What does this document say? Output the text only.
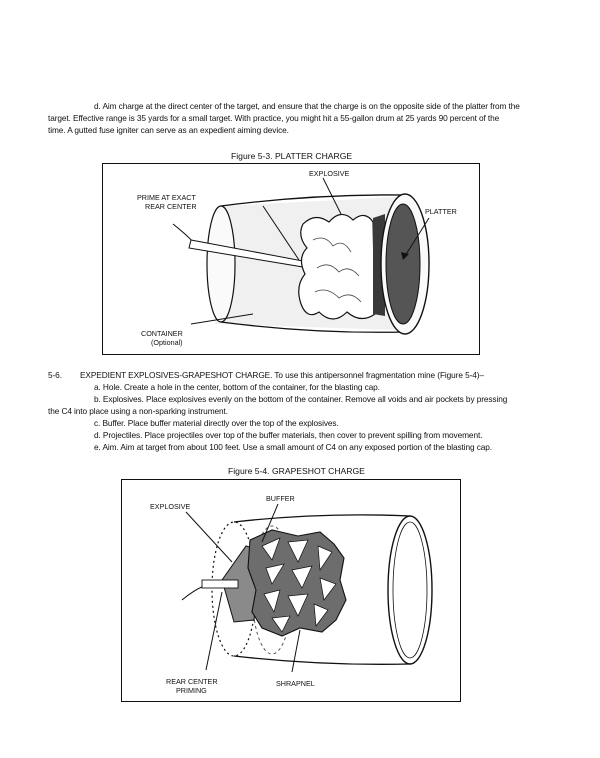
d. Aim charge at the direct center of the target, and ensure that the charge is on the opposite side of the platter from the
target. Effective range is 35 yards for a small target. With practice, you might hit a 55-gallon drum at 25 yards 90 percent of the
time. A gutted fuse igniter can serve as an expedient aiming device.
Figure 5-3. PLATTER CHARGE
EXPLOSIVE
PRIME AT EXACT
REAR CENTER
PLATTER
CONTAINER
(Optional)
5-6. EXPEDIENT EXPLOSIVES-GRAPESHOT CHARGE. To use this antipersonnel fragmentation mine (Figure 5-4)–
a. Hole. Create a hole in the center, bottom of the container, for the blasting cap.
b. Explosives. Place explosives evenly on the bottom of the container. Remove all voids and air pockets by pressing
the C4 into place using a non-sparking instrument.
c. Buffer. Place buffer material directly over the top of the explosives.
d. Projectiles. Place projectiles over top of the buffer materials, then cover to prevent spilling from movement.
e. Aim. Aim at target from about 100 feet. Use a small amount of C4 on any exposed portion of the blasting cap.
Figure 5-4. GRAPESHOT CHARGE
BUFFER
EXPLOSIVE
REAR CENTER
PRIMING
SHRAPNEL
